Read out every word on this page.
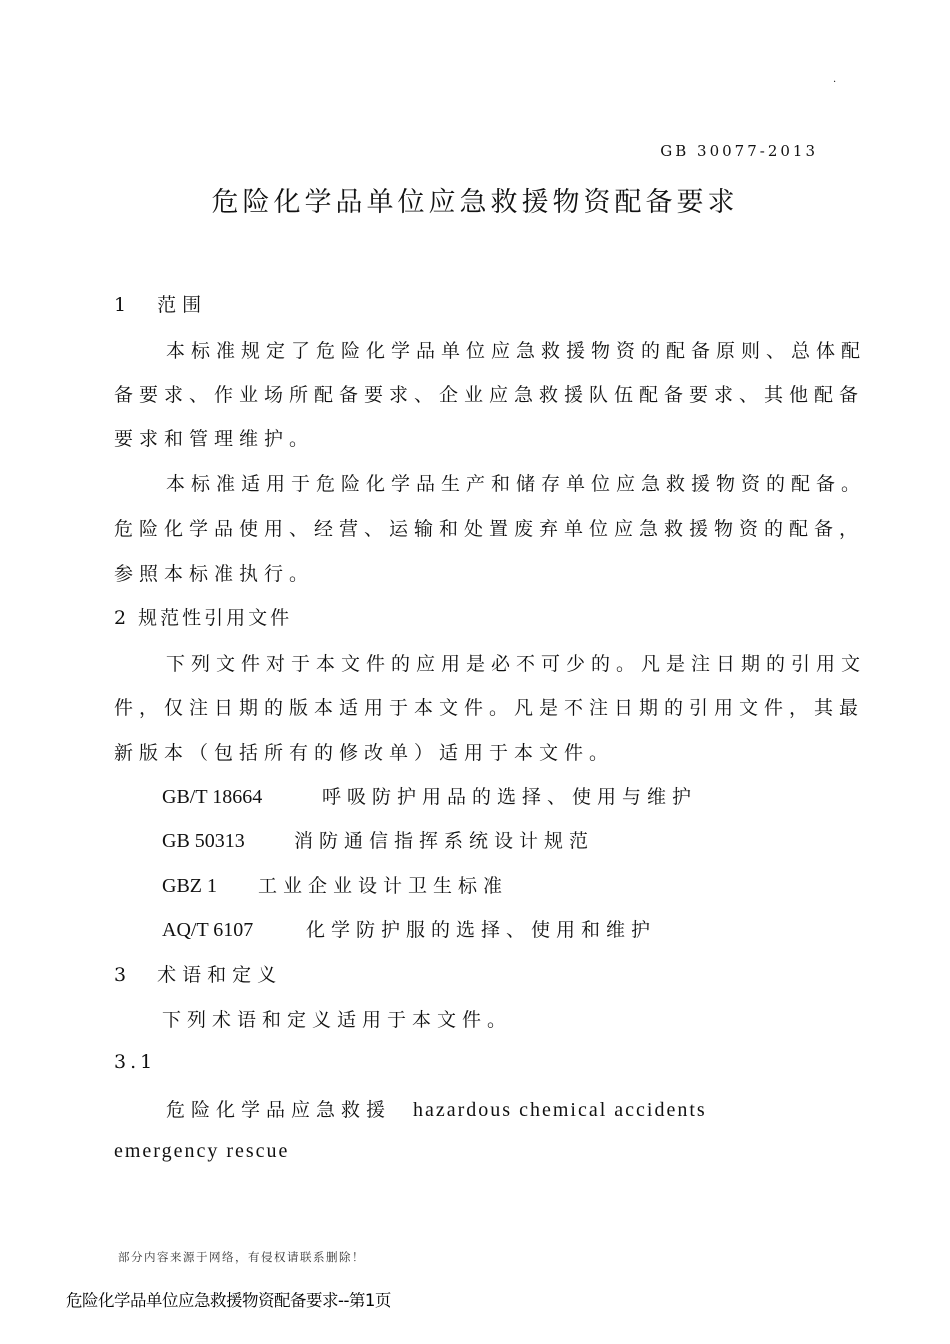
.
GB 30077-2013
危险化学品单位应急救援物资配备要求
1　范围
本标准规定了危险化学品单位应急救援物资的配备原则、总体配
备要求、作业场所配备要求、企业应急救援队伍配备要求、其他配备
要求和管理维护。
本标准适用于危险化学品生产和储存单位应急救援物资的配备。
危险化学品使用、经营、运输和处置废弃单位应急救援物资的配备，
参照本标准执行。
2 规范性引用文件
下列文件对于本文件的应用是必不可少的。凡是注日期的引用文
件，仅注日期的版本适用于本文件。凡是不注日期的引用文件，其最
新版本（包括所有的修改单）适用于本文件。
GB/T 18664	呼吸防护用品的选择、使用与维护
GB 50313	消防通信指挥系统设计规范
GBZ 1 工业企业设计卫生标准
AQ/T 6107	化学防护服的选择、使用和维护
3　术语和定义
下列术语和定义适用于本文件。
3.1
危险化学品应急救援 hazardous chemical accidents
emergency rescue
部分内容来源于网络，有侵权请联系删除！
危险化学品单位应急救援物资配备要求--第1页
